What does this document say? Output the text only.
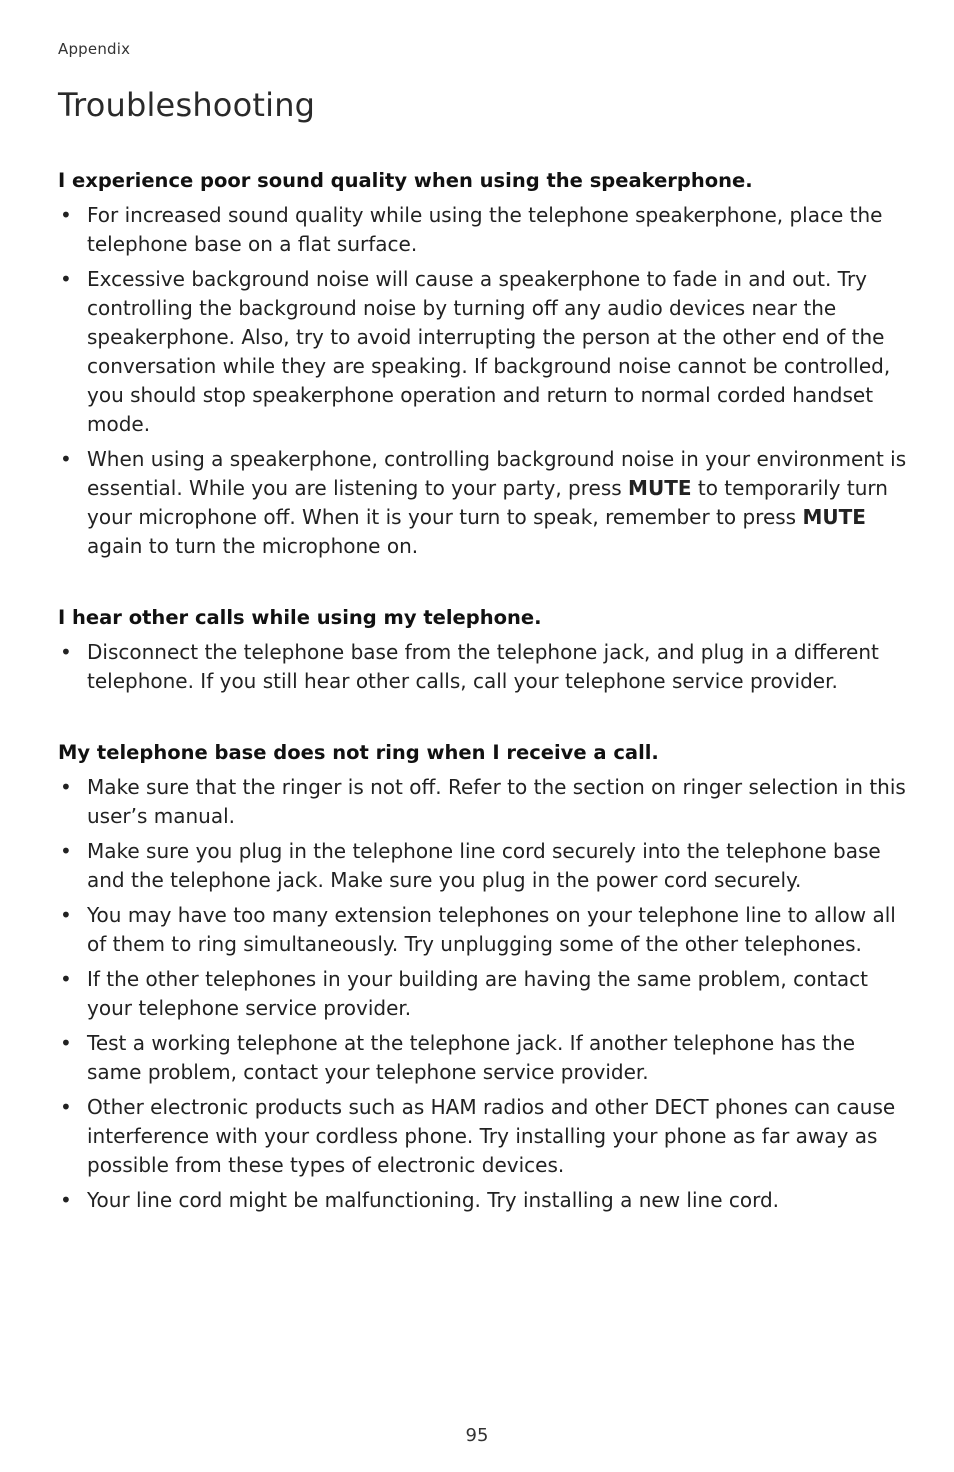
Appendix
Troubleshooting
I experience poor sound quality when using the speakerphone.
• For increased sound quality while using the telephone speakerphone, place the telephone base on a flat surface.
• Excessive background noise will cause a speakerphone to fade in and out. Try controlling the background noise by turning off any audio devices near the speakerphone. Also, try to avoid interrupting the person at the other end of the conversation while they are speaking. If background noise cannot be controlled, you should stop speakerphone operation and return to normal corded handset mode.
• When using a speakerphone, controlling background noise in your environment is essential. While you are listening to your party, press MUTE to temporarily turn your microphone off. When it is your turn to speak, remember to press MUTE again to turn the microphone on.
I hear other calls while using my telephone.
• Disconnect the telephone base from the telephone jack, and plug in a different telephone. If you still hear other calls, call your telephone service provider.
My telephone base does not ring when I receive a call.
• Make sure that the ringer is not off. Refer to the section on ringer selection in this user’s manual.
• Make sure you plug in the telephone line cord securely into the telephone base and the telephone jack. Make sure you plug in the power cord securely.
• You may have too many extension telephones on your telephone line to allow all of them to ring simultaneously. Try unplugging some of the other telephones.
• If the other telephones in your building are having the same problem, contact your telephone service provider.
• Test a working telephone at the telephone jack. If another telephone has the same problem, contact your telephone service provider.
• Other electronic products such as HAM radios and other DECT phones can cause interference with your cordless phone. Try installing your phone as far away as possible from these types of electronic devices.
• Your line cord might be malfunctioning. Try installing a new line cord.
95
